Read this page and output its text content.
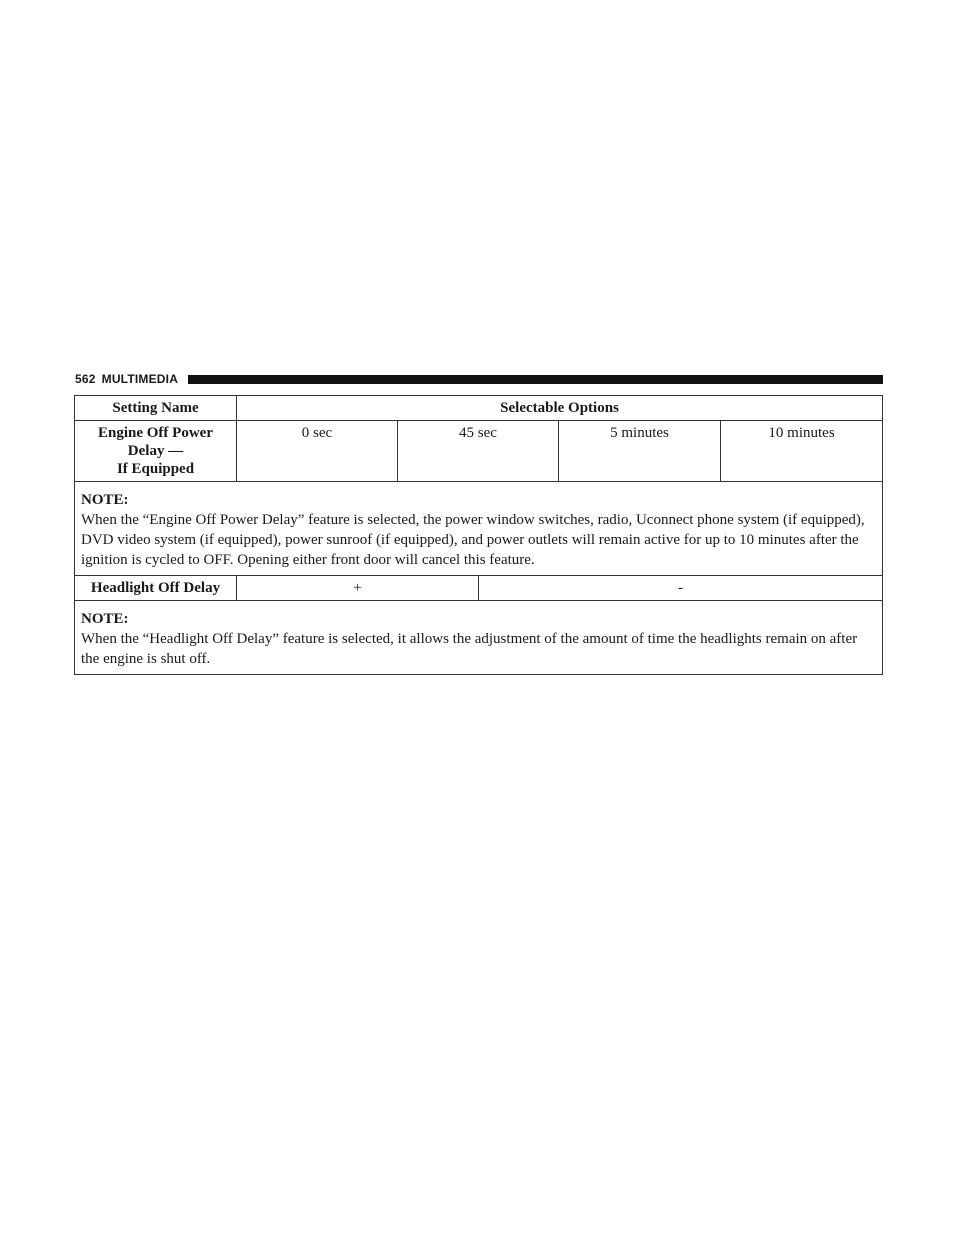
562 MULTIMEDIA
Setting Name	Selectable Options				
Engine Off Power
Delay —
If Equipped	0 sec	45 sec		5 minutes	10 minutes

NOTE:
When the “Engine Off Power Delay” feature is selected, the power window switches, radio, Uconnect phone system (if equipped), DVD video system (if equipped), power sunroof (if equipped), and power outlets will remain active for up to 10 minutes after the ignition is cycled to OFF. Opening either front door will cancel this feature.					
Headlight Off Delay	+		-		

NOTE:
When the “Headlight Off Delay” feature is selected, it allows the adjustment of the amount of time the headlights remain on after the engine is shut off.					
